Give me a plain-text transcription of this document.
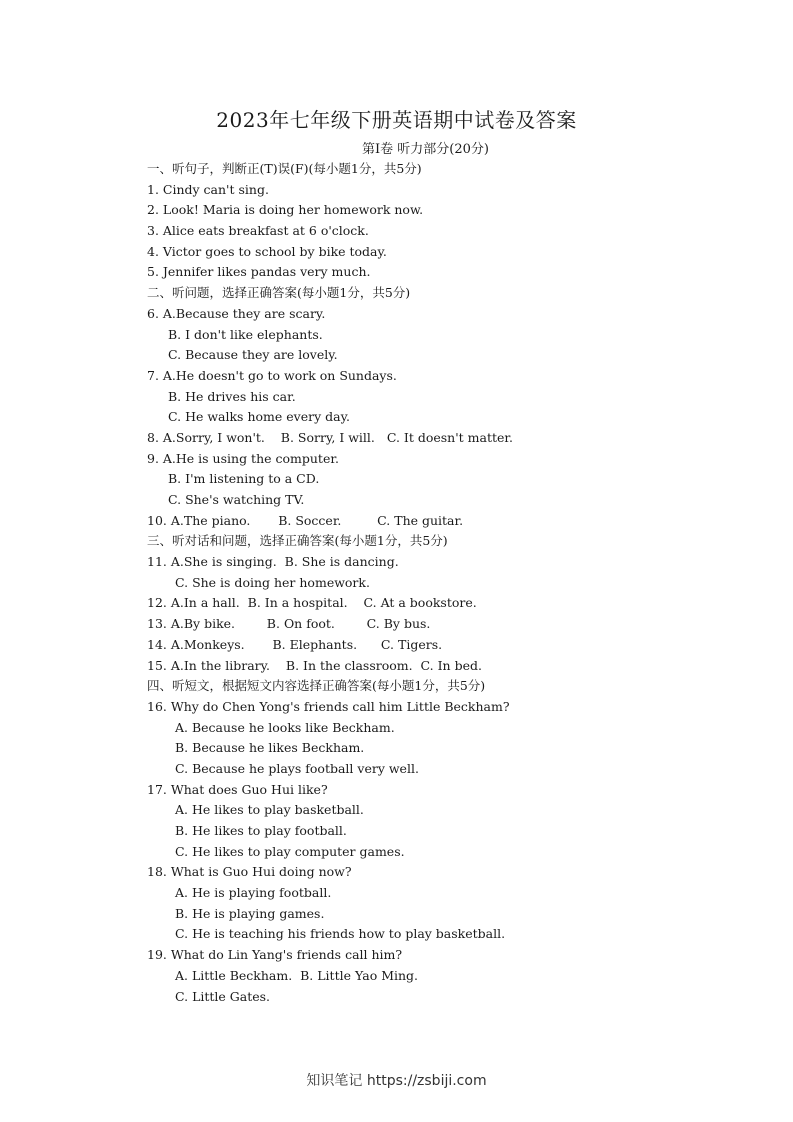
2023年七年级下册英语期中试卷及答案
第Ⅰ卷 听力部分(20分)
一、听句子，判断正(T)误(F)(每小题1分，共5分)
1. Cindy can't sing.
2. Look! Maria is doing her homework now.
3. Alice eats breakfast at 6 o'clock.
4. Victor goes to school by bike today.
5. Jennifer likes pandas very much.
二、听问题，选择正确答案(每小题1分，共5分)
6. A.Because they are scary.
B. I don't like elephants.
C. Because they are lovely.
7. A.He doesn't go to work on Sundays.
B. He drives his car.
C. He walks home every day.
8. A.Sorry, I won't.    B. Sorry, I will.   C. It doesn't matter.
9. A.He is using the computer.
B. I'm listening to a CD.
C. She's watching TV.
10. A.The piano.       B. Soccer.         C. The guitar.
三、听对话和问题，选择正确答案(每小题1分，共5分)
11. A.She is singing.  B. She is dancing.
C. She is doing her homework.
12. A.In a hall.  B. In a hospital.    C. At a bookstore.
13. A.By bike.        B. On foot.        C. By bus.
14. A.Monkeys.       B. Elephants.      C. Tigers.
15. A.In the library.    B. In the classroom.  C. In bed.
四、听短文，根据短文内容选择正确答案(每小题1分，共5分)
16. Why do Chen Yong's friends call him Little Beckham?
A. Because he looks like Beckham.
B. Because he likes Beckham.
C. Because he plays football very well.
17. What does Guo Hui like?
A. He likes to play basketball.
B. He likes to play football.
C. He likes to play computer games.
18. What is Guo Hui doing now?
A. He is playing football.
B. He is playing games.
C. He is teaching his friends how to play basketball.
19. What do Lin Yang's friends call him?
A. Little Beckham.  B. Little Yao Ming.
C. Little Gates.
知识笔记 https://zsbiji.com
